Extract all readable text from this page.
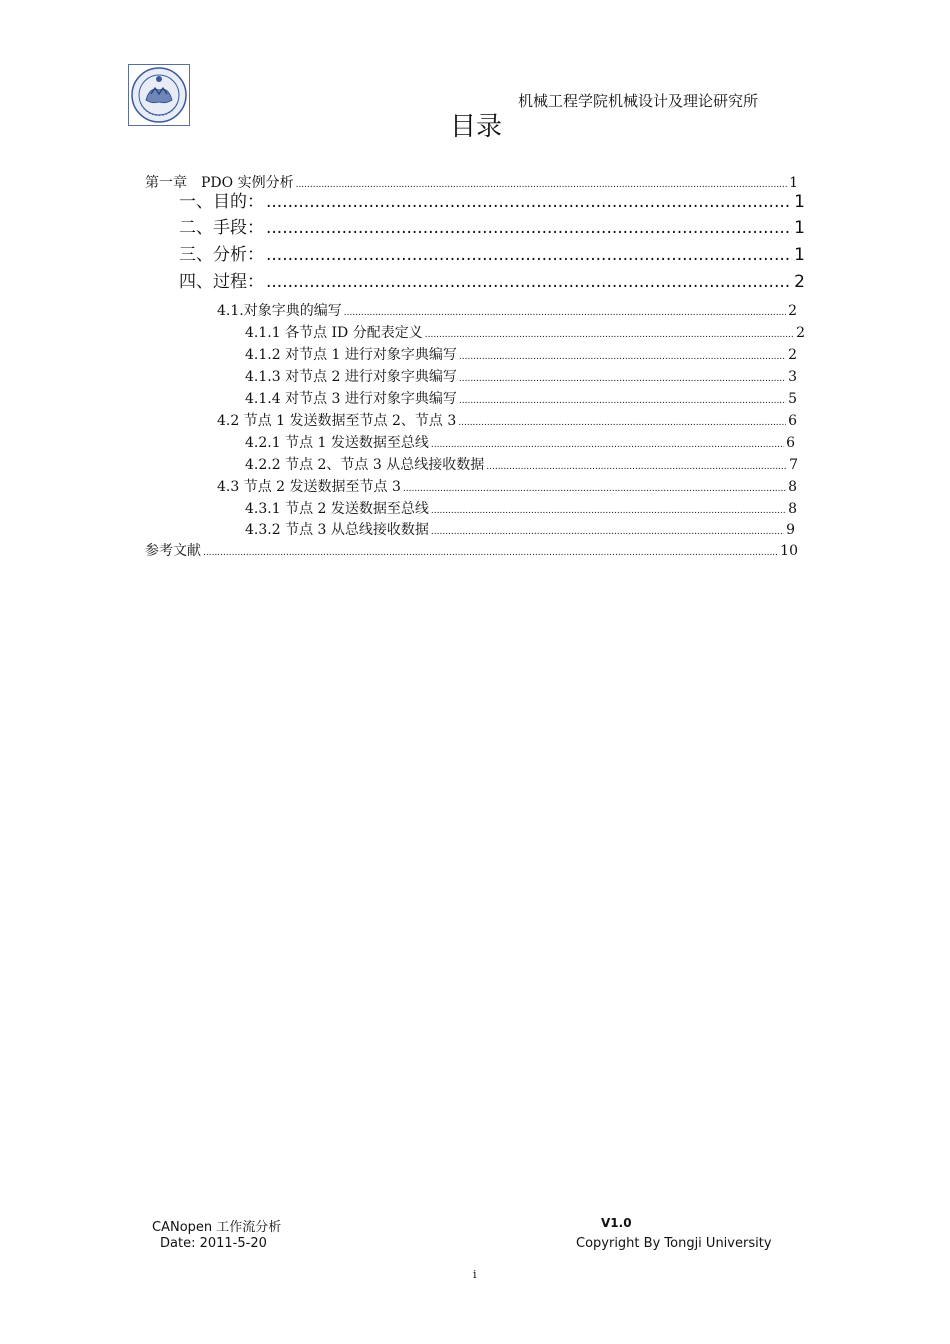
机械工程学院机械设计及理论研究所
目录
第一章　PDO 实例分析 .....	1
一、目的： .....	1
二、手段： .....	1
三、分析： .....	1
四、过程： .....	2
4.1.对象字典的编写 .....	2
4.1.1 各节点 ID 分配表定义 .....	2
4.1.2 对节点 1 进行对象字典编写 .....	2
4.1.3 对节点 2 进行对象字典编写 .....	3
4.1.4 对节点 3 进行对象字典编写 .....	5
4.2 节点 1 发送数据至节点 2、节点 3 .....	6
4.2.1 节点 1 发送数据至总线 .....	6
4.2.2 节点 2、节点 3 从总线接收数据 .....	7
4.3 节点 2 发送数据至节点 3 .....	8
4.3.1 节点 2 发送数据至总线 .....	8
4.3.2 节点 3 从总线接收数据 .....	9
参考文献 .....	10
CANopen 工作流分析
Date: 2011-5-20
V1.0
Copyright By Tongji University
i
